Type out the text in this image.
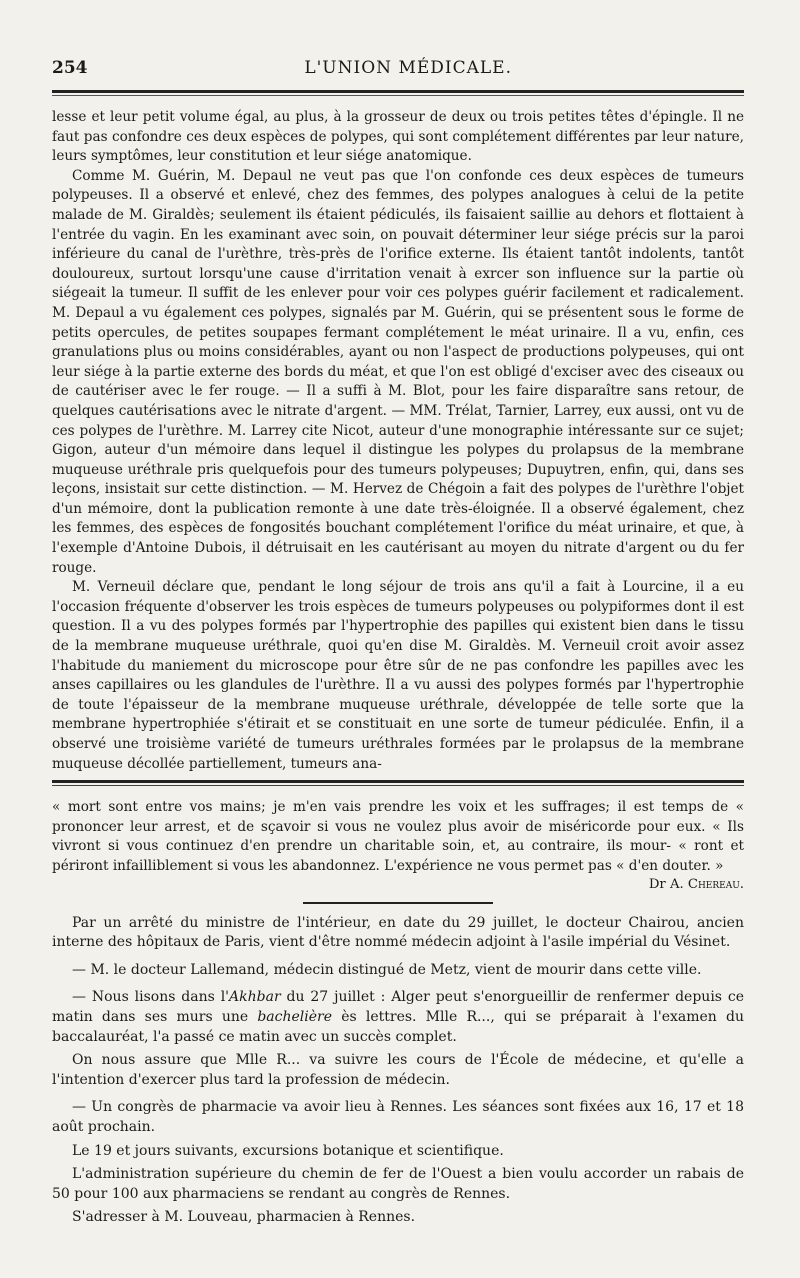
254	L'UNION MÉDICALE.

lesse et leur petit volume égal, au plus, à la grosseur de deux ou trois petites têtes d'épingle. Il ne faut pas confondre ces deux espèces de polypes, qui sont complétement différentes par leur nature, leurs symptômes, leur constitution et leur siége anatomique.

Comme M. Guérin, M. Depaul ne veut pas que l'on confonde ces deux espèces de tumeurs polypeuses. Il a observé et enlevé, chez des femmes, des polypes analogues à celui de la petite malade de M. Giraldès; seulement ils étaient pédiculés, ils faisaient saillie au dehors et flottaient à l'entrée du vagin. En les examinant avec soin, on pouvait déterminer leur siége précis sur la paroi inférieure du canal de l'urèthre, très-près de l'orifice externe. Ils étaient tantôt indolents, tantôt douloureux, surtout lorsqu'une cause d'irritation venait à exrcer son influence sur la partie où siégeait la tumeur. Il suffit de les enlever pour voir ces polypes guérir facilement et radicalement. M. Depaul a vu également ces polypes, signalés par M. Guérin, qui se présentent sous le forme de petits opercules, de petites soupapes fermant complétement le méat urinaire. Il a vu, enfin, ces granulations plus ou moins considérables, ayant ou non l'aspect de productions polypeuses, qui ont leur siége à la partie externe des bords du méat, et que l'on est obligé d'exciser avec des ciseaux ou de cautériser avec le fer rouge. — Il a suffi à M. Blot, pour les faire disparaître sans retour, de quelques cautérisations avec le nitrate d'argent. — MM. Trélat, Tarnier, Larrey, eux aussi, ont vu de ces polypes de l'urèthre. M. Larrey cite Nicot, auteur d'une monographie intéressante sur ce sujet; Gigon, auteur d'un mémoire dans lequel il distingue les polypes du prolapsus de la membrane muqueuse uréthrale pris quelquefois pour des tumeurs polypeuses; Dupuytren, enfin, qui, dans ses leçons, insistait sur cette distinction. — M. Hervez de Chégoin a fait des polypes de l'urèthre l'objet d'un mémoire, dont la publication remonte à une date très-éloignée. Il a observé également, chez les femmes, des espèces de fongosités bouchant complétement l'orifice du méat urinaire, et que, à l'exemple d'Antoine Dubois, il détruisait en les cautérisant au moyen du nitrate d'argent ou du fer rouge.

M. Verneuil déclare que, pendant le long séjour de trois ans qu'il a fait à Lourcine, il a eu l'occasion fréquente d'observer les trois espèces de tumeurs polypeuses ou polypiformes dont il est question. Il a vu des polypes formés par l'hypertrophie des papilles qui existent bien dans le tissu de la membrane muqueuse uréthrale, quoi qu'en dise M. Giraldès. M. Verneuil croit avoir assez l'habitude du maniement du microscope pour être sûr de ne pas confondre les papilles avec les anses capillaires ou les glandules de l'urèthre. Il a vu aussi des polypes formés par l'hypertrophie de toute l'épaisseur de la membrane muqueuse uréthrale, développée de telle sorte que la membrane hypertrophiée s'étirait et se constituait en une sorte de tumeur pédiculée. Enfin, il a observé une troisième variété de tumeurs uréthrales formées par le prolapsus de la membrane muqueuse décollée partiellement, tumeurs ana-

« mort sont entre vos mains; je m'en vais prendre les voix et les suffrages; il est temps de « prononcer leur arrest, et de sçavoir si vous ne voulez plus avoir de miséricorde pour eux. « Ils vivront si vous continuez d'en prendre un charitable soin, et, au contraire, ils mour- « ront et périront infailliblement si vous les abandonnez. L'expérience ne vous permet pas « d'en douter. »

Dr A. Chereau.

Par un arrêté du ministre de l'intérieur, en date du 29 juillet, le docteur Chairou, ancien interne des hôpitaux de Paris, vient d'être nommé médecin adjoint à l'asile impérial du Vésinet.

— M. le docteur Lallemand, médecin distingué de Metz, vient de mourir dans cette ville.

— Nous lisons dans l'Akhbar du 27 juillet : Alger peut s'enorgueillir de renfermer depuis ce matin dans ses murs une bachelière ès lettres. Mlle R..., qui se préparait à l'examen du baccalauréat, l'a passé ce matin avec un succès complet.

On nous assure que Mlle R... va suivre les cours de l'École de médecine, et qu'elle a l'intention d'exercer plus tard la profession de médecin.

— Un congrès de pharmacie va avoir lieu à Rennes. Les séances sont fixées aux 16, 17 et 18 août prochain.

Le 19 et jours suivants, excursions botanique et scientifique.

L'administration supérieure du chemin de fer de l'Ouest a bien voulu accorder un rabais de 50 pour 100 aux pharmaciens se rendant au congrès de Rennes.

S'adresser à M. Louveau, pharmacien à Rennes.
